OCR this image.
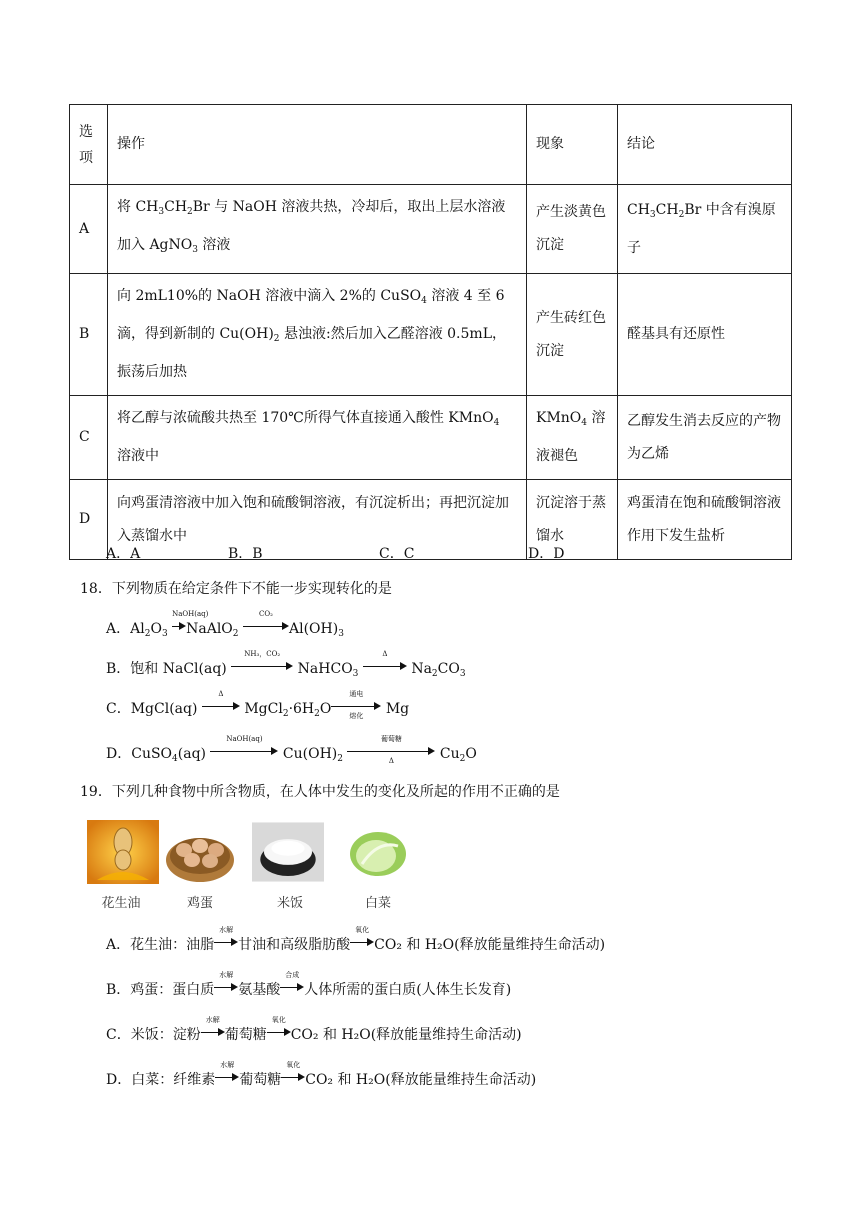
选
项	操作	现象	结论
A	将 $CH_3CH_2Br$ 与 NaOH 溶液共热，冷却后，取出上层水溶液加入 AgNO$_3$ 溶液	产生淡黄色沉淀	$CH_3CH_2Br$ 中含有溴原子
B	向 2mL10%的 NaOH 溶液中滴入 2%的 CuSO$_4$ 溶液 4 至 6 滴，得到新制的 $Cu(OH)_2$ 悬浊液:然后加入乙醛溶液 0.5mL，振荡后加热	产生砖红色沉淀	醛基具有还原性
C	将乙醇与浓硫酸共热至 170℃所得气体直接通入酸性 KMnO$_4$ 溶液中	KMnO$_4$ 溶液褪色	乙醇发生消去反应的产物为乙烯
D	向鸡蛋清溶液中加入饱和硫酸铜溶液，有沉淀析出；再把沉淀加入蒸馏水中	沉淀溶于蒸馏水	鸡蛋清在饱和硫酸铜溶液作用下发生盐析
A．A	B．B	C．C	D．D
18．下列物质在给定条件下不能一步实现转化的是
A．$Al_2O_3$
NaOH(aq)
NaAlO$_2$
CO₂
$Al(OH)_3$
B．饱和 NaCl(aq)
NH₃，CO₂
NaHCO$_3$
Δ
$Na_2CO_3$
C．MgCl(aq)
Δ
$MgCl_2\cdot 6H_2O$
通电
熔化	Mg
D．CuSO$_4$(aq)
NaOH(aq)
$Cu(OH)_2$
葡萄糖
Δ	$Cu_2O$
19．下列几种食物中所含物质，在人体中发生的变化及所起的作用不正确的是
花生油	鸡蛋	米饭	白菜
A．花生油：油脂
水解
甘油和高级脂肪酸
氧化
CO₂ 和 H₂O(释放能量维持生命活动)
B．鸡蛋：蛋白质
水解
氨基酸
合成
人体所需的蛋白质(人体生长发育)
C．米饭：淀粉
水解
葡萄糖
氧化
CO₂ 和 H₂O(释放能量维持生命活动)
D．白菜：纤维素
水解
葡萄糖
氧化
CO₂ 和 H₂O(释放能量维持生命活动)
